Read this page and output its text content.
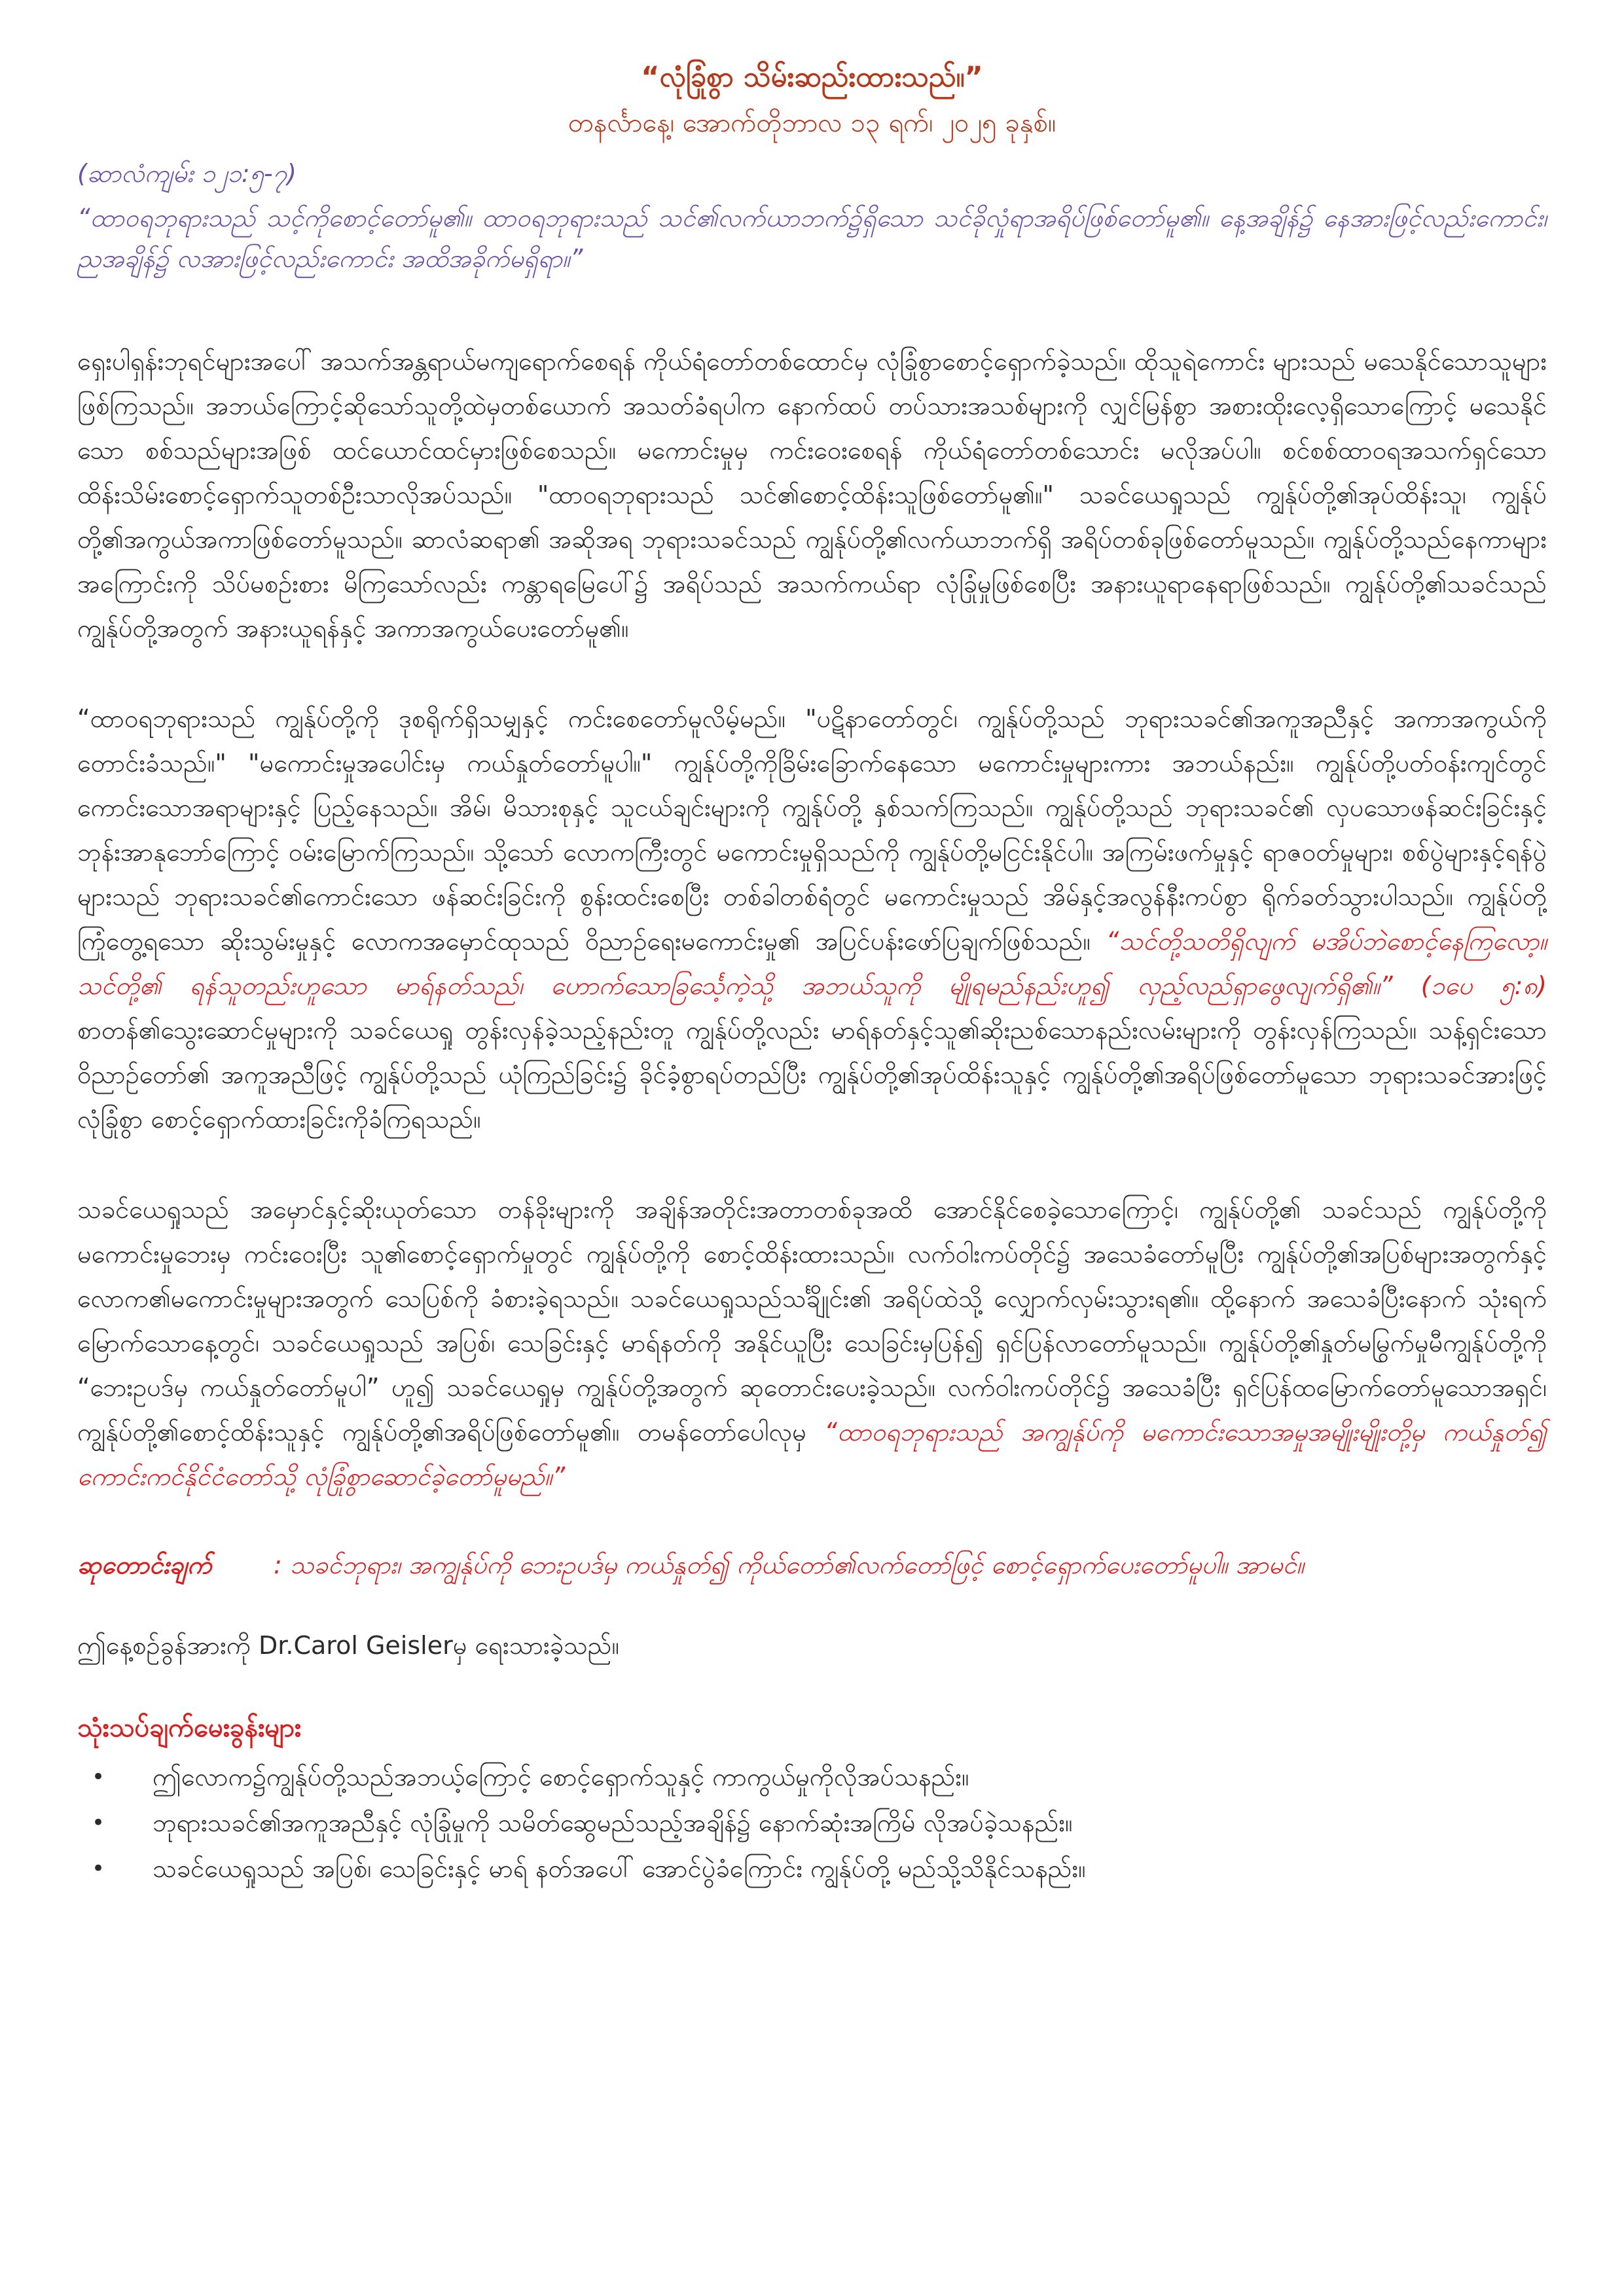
“လုံခြုံစွာ သိမ်းဆည်းထားသည်။”

တနင်္လာနေ့၊ အောက်တိုဘာလ ၁၃ ရက်၊ ၂၀၂၅ ခုနှစ်။

(ဆာလံကျမ်း ၁၂၁:၅-၇)

“ထာဝရဘုရားသည် သင့်ကိုစောင့်တော်မူ၏။ ထာဝရဘုရားသည် သင်၏လက်ယာဘက်၌ရှိသော သင်ခိုလှုံရာအရိပ်ဖြစ်တော်မူ၏။ နေ့အချိန်၌ နေအားဖြင့်လည်းကောင်း၊ ညအချိန်၌ လအားဖြင့်လည်းကောင်း အထိအခိုက်မရှိရာ။”

ရှေးပါရှန်းဘုရင်များအပေါ် အသက်အန္တရာယ်မကျရောက်စေရန် ကိုယ်ရံတော်တစ်ထောင်မှ လုံခြုံစွာစောင့်ရှောက်ခဲ့သည်။ ထိုသူရဲကောင်း များသည် မသေနိုင်သောသူများဖြစ်ကြသည်။ အဘယ်ကြောင့်ဆိုသော်သူတို့ထဲမှတစ်ယောက် အသတ်ခံရပါက နောက်ထပ် တပ်သားအသစ်များကို လျှင်မြန်စွာ အစားထိုးလေ့ရှိသောကြောင့် မသေနိုင်သော စစ်သည်များအဖြစ် ထင်ယောင်ထင်မှားဖြစ်စေသည်။ မကောင်းမှုမှ ကင်းဝေးစေရန် ကိုယ်ရံတော်တစ်သောင်း မလိုအပ်ပါ။ စင်စစ်ထာဝရအသက်ရှင်သော ထိန်းသိမ်းစောင့်ရှောက်သူတစ်ဦးသာလိုအပ်သည်။ "ထာဝရဘုရားသည် သင်၏စောင့်ထိန်းသူဖြစ်တော်မူ၏။" သခင်ယေရှုသည် ကျွန်ုပ်တို့၏အုပ်ထိန်းသူ၊ ကျွန်ုပ်တို့၏အကွယ်အကာဖြစ်တော်မူသည်။ ဆာလံဆရာ၏ အဆိုအရ ဘုရားသခင်သည် ကျွန်ုပ်တို့၏လက်ယာဘက်ရှိ အရိပ်တစ်ခုဖြစ်တော်မူသည်။ ကျွန်ုပ်တို့သည်နေကာများအကြောင်းကို သိပ်မစဉ်းစား မိကြသော်လည်း ကန္တာရမြေပေါ်၌ အရိပ်သည် အသက်ကယ်ရာ လုံခြုံမှုဖြစ်စေပြီး အနားယူရာနေရာဖြစ်သည်။ ကျွန်ုပ်တို့၏သခင်သည် ကျွန်ုပ်တို့အတွက် အနားယူရန်နှင့် အကာအကွယ်ပေးတော်မူ၏။

“ထာဝရဘုရားသည် ကျွန်ုပ်တို့ကို ဒုစရိုက်ရှိသမျှနှင့် ကင်းစေတော်မူလိမ့်မည်။ "ပဋိနာတော်တွင်၊ ကျွန်ုပ်တို့သည် ဘုရားသခင်၏အကူအညီနှင့် အကာအကွယ်ကို တောင်းခံသည်။" "မကောင်းမှုအပေါင်းမှ ကယ်နှုတ်တော်မူပါ။" ကျွန်ုပ်တို့ကိုခြိမ်းခြောက်နေသော မကောင်းမှုများကား အဘယ်နည်း။ ကျွန်ုပ်တို့ပတ်ဝန်းကျင်တွင် ကောင်းသောအရာများနှင့် ပြည့်နေသည်။ အိမ်၊ မိသားစုနှင့် သူငယ်ချင်းများကို ကျွန်ုပ်တို့ နှစ်သက်ကြသည်။ ကျွန်ုပ်တို့သည် ဘုရားသခင်၏ လှပသောဖန်ဆင်းခြင်းနှင့် ဘုန်းအာနုဘော်ကြောင့် ဝမ်းမြောက်ကြသည်။ သို့သော် လောကကြီးတွင် မကောင်းမှုရှိသည်ကို ကျွန်ုပ်တို့မငြင်းနိုင်ပါ။ အကြမ်းဖက်မှုနှင့် ရာဇဝတ်မှုများ၊ စစ်ပွဲများနှင့်ရန်ပွဲများသည် ဘုရားသခင်၏ကောင်းသော ဖန်ဆင်းခြင်းကို စွန်းထင်းစေပြီး တစ်ခါတစ်ရံတွင် မကောင်းမှုသည် အိမ်နှင့်အလွန်နီးကပ်စွာ ရိုက်ခတ်သွားပါသည်။ ကျွန်ုပ်တို့ကြုံတွေ့ရသော ဆိုးသွမ်းမှုနှင့် လောကအမှောင်ထုသည် ဝိညာဉ်ရေးမကောင်းမှု၏ အပြင်ပန်းဖော်ပြချက်ဖြစ်သည်။ “သင်တို့သတိရှိလျက် မအိပ်ဘဲစောင့်နေကြလော့။ သင်တို့၏ ရန်သူတည်းဟူသော မာရ်နတ်သည်၊ ဟောက်သောခြင်္သေ့ကဲ့သို့ အဘယ်သူကို မျိုရမည်နည်းဟူ၍ လှည့်လည်ရှာဖွေလျက်ရှိ၏။” (၁ပေ ၅:၈) စာတန်၏သွေးဆောင်မှုများကို သခင်ယေရှု တွန်းလှန်ခဲ့သည့်နည်းတူ ကျွန်ုပ်တို့လည်း မာရ်နတ်နှင့်သူ၏ဆိုးညစ်သောနည်းလမ်းများကို တွန်းလှန်ကြသည်။ သန့်ရှင်းသောဝိညာဉ်တော်၏ အကူအညီဖြင့် ကျွန်ုပ်တို့သည် ယုံကြည်ခြင်း၌ ခိုင်ခံ့စွာရပ်တည်ပြီး ကျွန်ုပ်တို့၏အုပ်ထိန်းသူနှင့် ကျွန်ုပ်တို့၏အရိပ်ဖြစ်တော်မူသော ဘုရားသခင်အားဖြင့် လုံခြုံစွာ စောင့်ရှောက်ထားခြင်းကိုခံကြရသည်။

သခင်ယေရှုသည် အမှောင်နှင့်ဆိုးယုတ်သော တန်ခိုးများကို အချိန်အတိုင်းအတာတစ်ခုအထိ အောင်နိုင်စေခဲ့သောကြောင့်၊ ကျွန်ုပ်တို့၏ သခင်သည် ကျွန်ုပ်တို့ကို မကောင်းမှုဘေးမှ ကင်းဝေးပြီး သူ၏စောင့်ရှောက်မှုတွင် ကျွန်ုပ်တို့ကို စောင့်ထိန်းထားသည်။ လက်ဝါးကပ်တိုင်၌ အသေခံတော်မူပြီး ကျွန်ုပ်တို့၏အပြစ်များအတွက်နှင့် လောက၏မကောင်းမှုများအတွက် သေပြစ်ကို ခံစားခဲ့ရသည်။ သခင်ယေရှုသည်သင်္ချိုင်း၏ အရိပ်ထဲသို့ လျှောက်လှမ်းသွားရ၏။ ထို့နောက် အသေခံပြီးနောက် သုံးရက်မြောက်သောနေ့တွင်၊ သခင်ယေရှုသည် အပြစ်၊ သေခြင်းနှင့် မာရ်နတ်ကို အနိုင်ယူပြီး သေခြင်းမှပြန်၍ ရှင်ပြန်လာတော်မူသည်။ ကျွန်ုပ်တို့၏နှုတ်မမြွက်မှုမီကျွန်ုပ်တို့ကို “ဘေးဥပဒ်မှ ကယ်နှုတ်တော်မူပါ” ဟူ၍ သခင်ယေရှုမှ ကျွန်ုပ်တို့အတွက် ဆုတောင်းပေးခဲ့သည်။ လက်ဝါးကပ်တိုင်၌ အသေခံပြီး ရှင်ပြန်ထမြောက်တော်မူသောအရှင်၊ ကျွန်ုပ်တို့၏စောင့်ထိန်းသူနှင့် ကျွန်ုပ်တို့၏အရိပ်ဖြစ်တော်မူ၏။ တမန်တော်ပေါလုမှ “ထာဝရဘုရားသည် အကျွန်ုပ်ကို မကောင်းသောအမှုအမျိုးမျိုးတို့မှ ကယ်နှုတ်၍ ကောင်းကင်နိုင်ငံတော်သို့ လုံခြုံစွာဆောင်ခဲ့တော်မူမည်။”

ဆုတောင်းချက် : သခင်ဘုရား၊ အကျွန်ုပ်ကို ဘေးဥပဒ်မှ ကယ်နှုတ်၍ ကိုယ်တော်၏လက်တော်ဖြင့် စောင့်ရှောက်ပေးတော်မူပါ။ အာမင်။

ဤနေ့စဉ်ခွန်အားကို Dr.Carol Geislerမှ ရေးသားခဲ့သည်။

သုံးသပ်ချက်မေးခွန်းများ
• ဤလောက၌ကျွန်ုပ်တို့သည်အဘယ့်ကြောင့် စောင့်ရှောက်သူနှင့် ကာကွယ်မှုကိုလိုအပ်သနည်း။
• ဘုရားသခင်၏အကူအညီနှင့် လုံခြုံမှုကို သမိတ်ဆွေမည်သည့်အချိန်၌ နောက်ဆုံးအကြိမ် လိုအပ်ခဲ့သနည်း။
• သခင်ယေရှုသည် အပြစ်၊ သေခြင်းနှင့် မာရ် နတ်အပေါ် အောင်ပွဲခံကြောင်း ကျွန်ုပ်တို့ မည်သို့သိနိုင်သနည်း။
